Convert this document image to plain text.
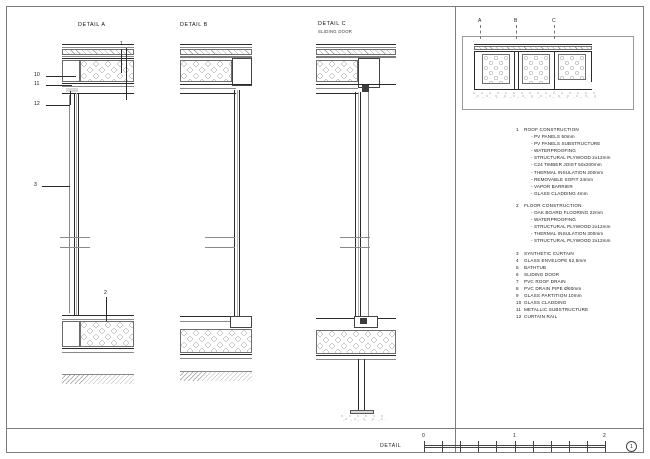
DETAIL A
1
10
11
12
3
2
DETAIL B	DETAIL C
SLIDING DOOR
A	B	C
1 ROOF CONSTRUCTION
- PV PANELS 50mm
- PV PANELS SUBSTRUCTURE
- WATERPROOFING
- STRUCTURAL PLYWOOD 2x12mm
- C24 TIMBER JOIST 50x200mm
- THERMAL INSULATION 200mm
- REMOVABLE SOFIT 24mm
- VAPOR BARRIER
- GLASS CLADDING 4mm
2 FLOOR CONSTRUCTION
- OAK BOARD FLOORING 22mm
- WATERPROOFING
- STRUCTURAL PLYWOOD 2x12mm
- THERMAL INSULATION 300mm
- STRUCTURAL PLYWOOD 2x12mm
3 SYNTHETIC CURTAIN
4 GLASS ENVELOPE 62,5mm
5 BATHTUB
6 SLIDING DOOR
7 PVC ROOF DRAIN
8 PVC DRAIN PIPE Ø60mm
9 GLASS PARTITION 10mm
10 GLASS CLADDING
11 METALLIC SUBSTRUCTURE
12 CURTAIN RAIL
DETAIL
0	1	2
1
